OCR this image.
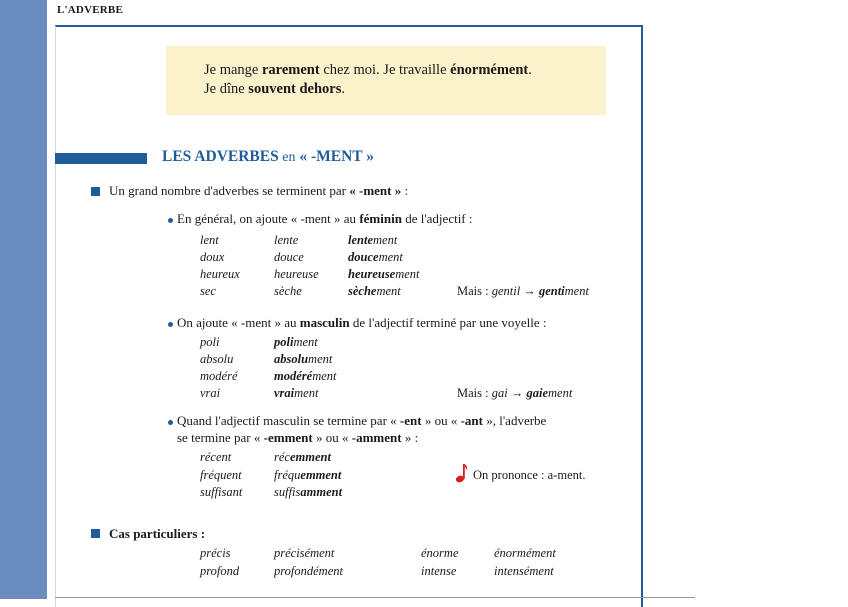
L'ADVERBE
Je mange rarement chez moi. Je travaille énormément.
Je dîne souvent dehors.
LES ADVERBES en « -MENT »
Un grand nombre d'adverbes se terminent par « -ment » :
En général, on ajoute « -ment » au féminin de l'adjectif :
lent	lente	lentement
doux	douce	doucement
heureux	heureuse heureusement
sec	sèche	sèchement	Mais : gentil → gentiment
On ajoute « -ment » au masculin de l'adjectif terminé par une voyelle :
poli	poliment
absolu	absolument
modéré	modérément
vrai	vraiment	Mais : gai → gaiement
Quand l'adjectif masculin se termine par « -ent » ou « -ant », l'adverbe
se termine par « -emment » ou « -amment » :
récent	récemment
fréquent	fréquemment
suffisant	suffisamment
On prononce : a-ment.
Cas particuliers :
précis	précisément	énorme	énormément
profond	profondément	intense	intensément
